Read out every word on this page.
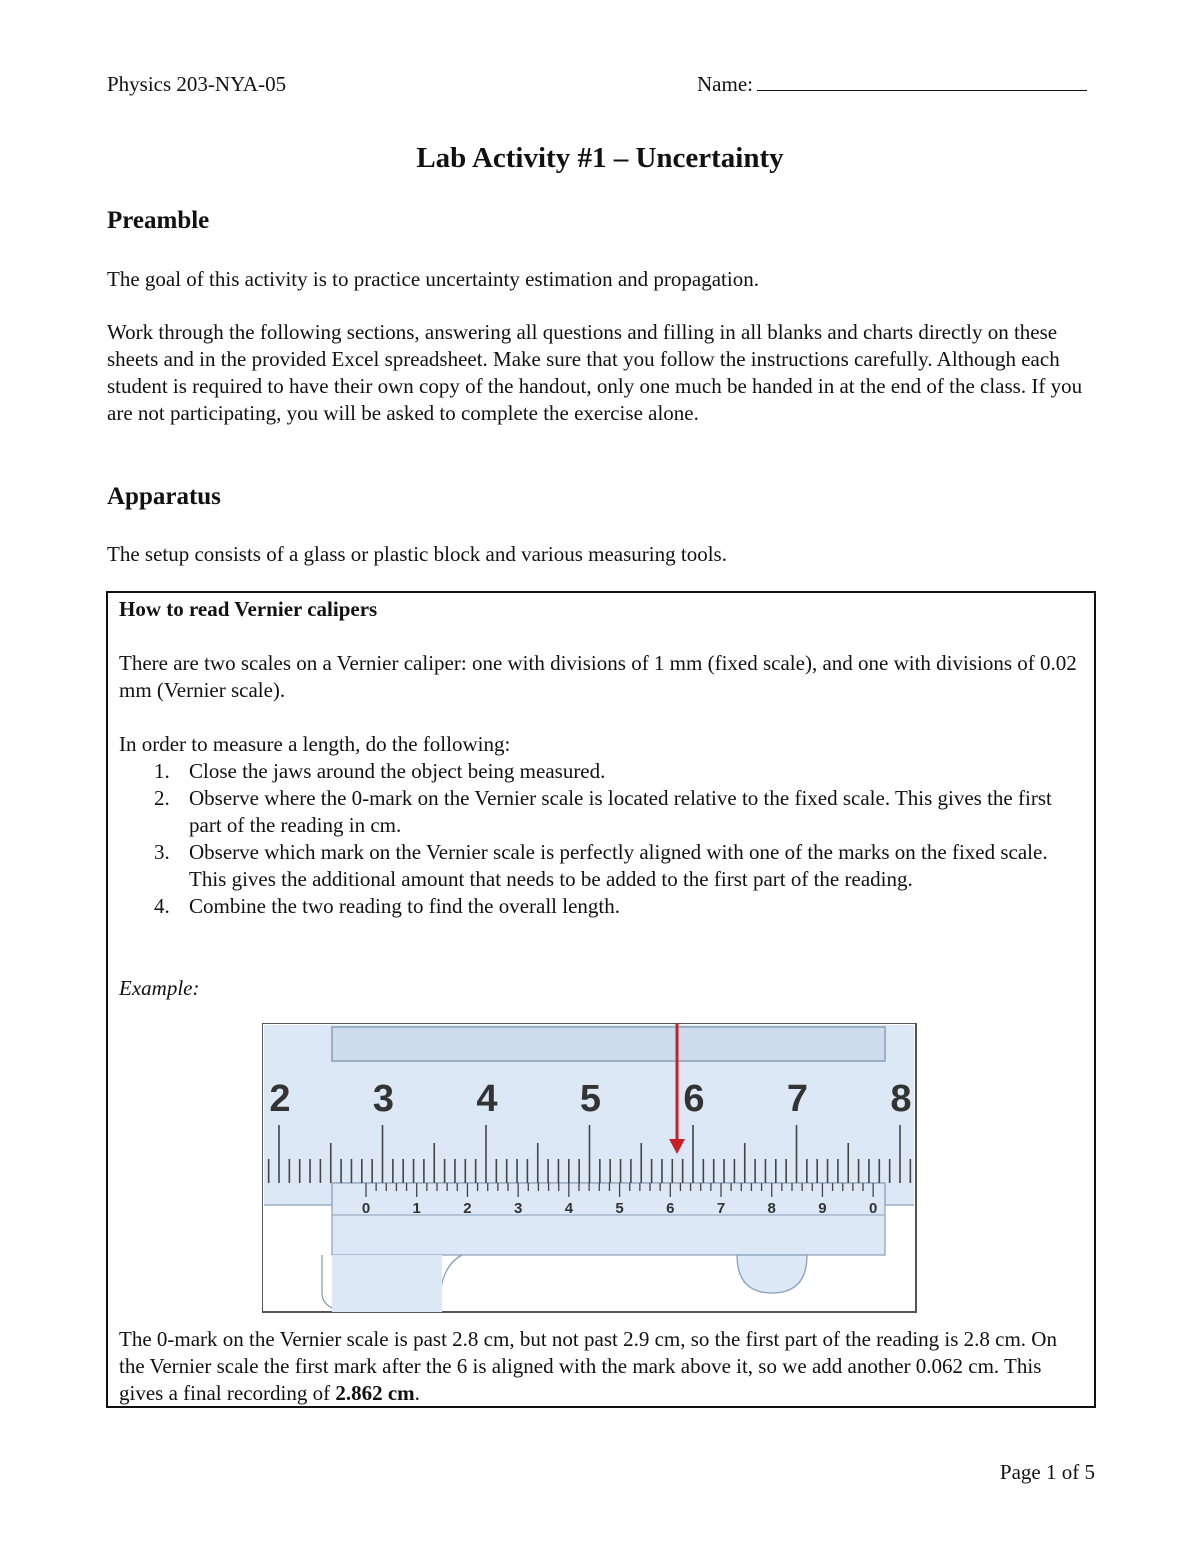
Physics 203-NYA-05	Name:
Lab Activity #1 – Uncertainty
Preamble

The goal of this activity is to practice uncertainty estimation and propagation.

Work through the following sections, answering all questions and filling in all blanks and charts directly on these sheets and in the provided Excel spreadsheet. Make sure that you follow the instructions carefully. Although each student is required to have their own copy of the handout, only one much be handed in at the end of the class. If you are not participating, you will be asked to complete the exercise alone.

Apparatus

The setup consists of a glass or plastic block and various measuring tools.

How to read Vernier calipers

There are two scales on a Vernier caliper: one with divisions of 1 mm (fixed scale), and one with divisions of 0.02 mm (Vernier scale).

In order to measure a length, do the following:

1. Close the jaws around the object being measured.
2. Observe where the 0-mark on the Vernier scale is located relative to the fixed scale. This gives the first part of the reading in cm.
3. Observe which mark on the Vernier scale is perfectly aligned with one of the marks on the fixed scale. This gives the additional amount that needs to be added to the first part of the reading.
4. Combine the two reading to find the overall length.
Example:

The 0-mark on the Vernier scale is past 2.8 cm, but not past 2.9 cm, so the first part of the reading is 2.8 cm. On the Vernier scale the first mark after the 6 is aligned with the mark above it, so we add another 0.062 cm. This gives a final recording of 2.862 cm.

2 3 4 5 6 7 8
0	1	2	3	4	5	6	7	8	9	0
Page 1 of 5
